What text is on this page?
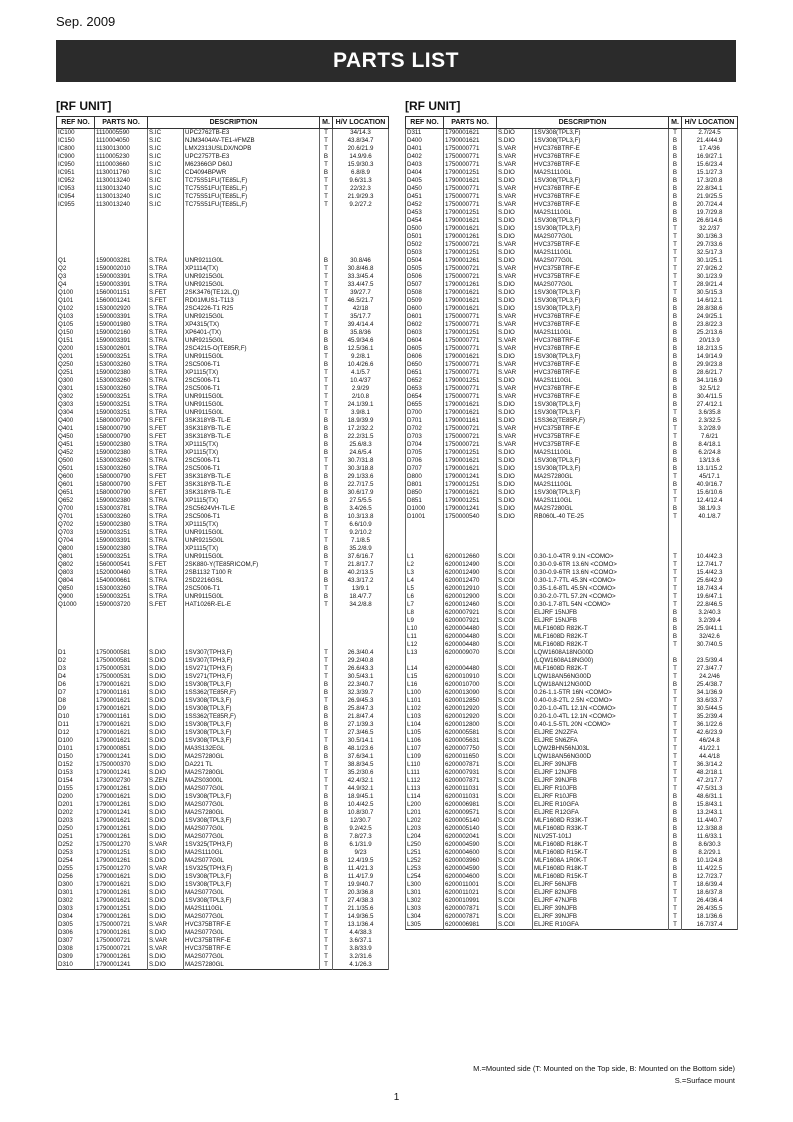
Sep. 2009
PARTS LIST
[RF UNIT]	[RF UNIT]
REF NO.	PARTS NO.	DESCRIPTION		M.	H/V LOCATION
IC100	1110005590	S.IC	UPC2762TB-E3	T	34/14.3
IC150	1110004050	S.IC	NJM3404AV-TE1-#FMZB	T	43.8/34.7
IC800	1130013000	S.IC	LMX2313USLDX/NOPB	T	20.6/21.9
IC900	1110005230	S.IC	UPC2757TB-E3	B	14.9/9.6
IC950	1110003660	S.IC	M62366GP D60J	T	15.9/30.3
IC951	1130011760	S.IC	CD4094BPWR	B	6.8/8.9
IC952	1130013240	S.IC	TC75S51FU(TE85L,F)	T	9.6/31.3
IC953	1130013240	S.IC	TC75S51FU(TE85L,F)	T	22/32.3
IC954	1130013240	S.IC	TC75S51FU(TE85L,F)	T	21.9/29.3
IC955	1130013240	S.IC	TC75S51FU(TE85L,F)	T	9.2/27.2

Q1	1590003281	S.TRA	UNR9211G0L	B	30.8/46
Q2	1590002010	S.TRA	XP1114(TX)	T	30.8/46.8
Q3	1590003391	S.TRA	UNR9215G0L	T	33.3/45.4
Q4	1590003391	S.TRA	UNR9215G0L	T	33.4/47.5
Q100	1560001151	S.FET	2SK3476(TE12L,Q)	T	39/27.7
Q101	1560001241	S.FET	RD01MUS1-T113	T	46.5/21.7
Q102	1530002920	S.TRA	2SC4226-T1 R25	T	42/18
Q103	1590003391	S.TRA	UNR9215G0L	T	35/17.7
Q105	1590001980	S.TRA	XP4315(TX)	T	39.4/14.4
Q150	1590002160	S.TRA	XP6401-(TX)	B	35.8/36
Q151	1590003391	S.TRA	UNR9215G0L	B	45.9/34.6
Q200	1530002601	S.TRA	2SC4215-O(TE85R,F)	B	12.5/36.1
Q201	1590003251	S.TRA	UNR9115G0L	T	9.2/8.1
Q250	1530003260	S.TRA	2SC5006-T1	B	10.4/26.6
Q251	1590002380	S.TRA	XP1115(TX)	T	4.1/5.7
Q300	1530003260	S.TRA	2SC5006-T1	T	10.4/37
Q301	1530003260	S.TRA	2SC5006-T1	T	2.9/29
Q302	1590003251	S.TRA	UNR9115G0L	T	2/10.8
Q303	1590003251	S.TRA	UNR9115G0L	T	24.1/39.1
Q304	1590003251	S.TRA	UNR9115G0L	T	3.9/8.1
Q400	1580000790	S.FET	3SK318YB-TL-E	B	18.9/39.9
Q401	1580000790	S.FET	3SK318YB-TL-E	B	17.2/32.2
Q450	1580000790	S.FET	3SK318YB-TL-E	B	22.2/31.5
Q451	1590002380	S.TRA	XP1115(TX)	B	25.6/8.3
Q452	1590002380	S.TRA	XP1115(TX)	B	24.6/5.4
Q500	1530003260	S.TRA	2SC5006-T1	T	30.7/31.8
Q501	1530003260	S.TRA	2SC5006-T1	T	30.3/18.8
Q600	1580000790	S.FET	3SK318YB-TL-E	B	29.1/33.6
Q601	1580000790	S.FET	3SK318YB-TL-E	B	22.7/17.5
Q651	1580000790	S.FET	3SK318YB-TL-E	B	30.6/17.9
Q652	1590002380	S.TRA	XP1115(TX)	B	27.5/5.5
Q700	1530003781	S.TRA	2SC5624VH-TL-E	B	3.4/26.5
Q701	1530003260	S.TRA	2SC5006-T1	B	10.3/13.8
Q702	1590002380	S.TRA	XP1115(TX)	T	6.6/10.9
Q703	1590003251	S.TRA	UNR9115G0L	T	9.2/10.2
Q704	1590003391	S.TRA	UNR9215G0L	T	7.1/8.5
Q800	1590002380	S.TRA	XP1115(TX)	B	35.2/8.9
Q801	1590003251	S.TRA	UNR9115G0L	B	37.6/16.7
Q802	1560000541	S.FET	2SK880-Y(TE85RICOM,F)	T	21.8/17.7
Q803	1520000460	S.TRA	2SB1132 T100 R	B	40.2/13.5
Q804	1540000661	S.TRA	2SD2216GSL	B	43.3/17.2
Q850	1530003260	S.TRA	2SC5006-T1	T	13/9.1
Q900	1590003251	S.TRA	UNR9115G0L	B	18.4/7.7
Q1000	1590003720	S.FET	HAT1026R-EL-E	T	34.2/8.8

D1	1750000581	S.DIO	1SV307(TPH3,F)	T	26.3/40.4
D2	1750000581	S.DIO	1SV307(TPH3,F)	T	29.2/40.8
D3	1750000531	S.DIO	1SV271(TPH3,F)	T	26.6/43.3
D4	1750000531	S.DIO	1SV271(TPH3,F)	T	30.5/43.1
D6	1790001621	S.DIO	1SV308(TPL3,F)	B	22.3/40.7
D7	1790001161	S.DIO	1SS362(TE85R,F)	B	32.3/39.7
D8	1790001621	S.DIO	1SV308(TPL3,F)	T	26.9/45.3
D9	1790001621	S.DIO	1SV308(TPL3,F)	B	25.8/47.3
D10	1790001161	S.DIO	1SS362(TE85R,F)	B	21.8/47.4
D11	1790001621	S.DIO	1SV308(TPL3,F)	B	27.1/39.3
D12	1790001621	S.DIO	1SV308(TPL3,F)	T	27.3/46.5
D100	1790001621	S.DIO	1SV308(TPL3,F)	T	30.5/14.1
D101	1790000851	S.DIO	MA3S132EGL	B	48.1/23.6
D150	1790001241	S.DIO	MA2S7280GL	B	37.6/34.1
D152	1750000370	S.DIO	DA221 TL	T	38.8/34.5
D153	1790001241	S.DIO	MA2S7280GL	T	35.2/30.6
D154	1730002730	S.ZEN	MAZS03000L	T	42.4/32.1
D155	1790001261	S.DIO	MA2S077G0L	T	44.9/32.1
D200	1790001621	S.DIO	1SV308(TPL3,F)	B	18.9/45.1
D201	1790001261	S.DIO	MA2S077G0L	B	10.4/42.5
D202	1790001241	S.DIO	MA2S7280GL	B	10.8/30.7
D203	1790001621	S.DIO	1SV308(TPL3,F)	B	12/30.7
D250	1790001261	S.DIO	MA2S077G0L	B	9.2/42.5
D251	1790001261	S.DIO	MA2S077G0L	B	7.8/27.3
D252	1750001270	S.VAR	1SV325(TPH3,F)	B	6.1/31.9
D253	1790001251	S.DIO	MA2S1110GL	B	9/23
D254	1790001261	S.DIO	MA2S077G0L	B	12.4/19.5
D255	1750001270	S.VAR	1SV325(TPH3,F)	B	11.4/21.3
D256	1790001621	S.DIO	1SV308(TPL3,F)	B	11.4/17.9
D300	1790001621	S.DIO	1SV308(TPL3,F)	T	19.9/40.7
D301	1790001261	S.DIO	MA2S077G0L	T	20.3/36.8
D302	1790001621	S.DIO	1SV308(TPL3,F)	T	27.4/38.3
D303	1790001251	S.DIO	MA2S1110GL	T	21.1/35.6
D304	1790001261	S.DIO	MA2S077G0L	T	14.9/36.5
D305	1750000721	S.VAR	HVC375BTRF-E	T	13.1/36.4
D306	1790001261	S.DIO	MA2S077G0L	T	4.4/38.3
D307	1750000721	S.VAR	HVC375BTRF-E	T	3.6/37.1
D308	1750000721	S.VAR	HVC375BTRF-E	T	3.8/33.9
D309	1790001261	S.DIO	MA2S077G0L	T	3.2/31.6
D310	1790001241	S.DIO	MA2S7280GL	T	4.1/26.3
REF NO.	PARTS NO.	DESCRIPTION		M.	H/V LOCATION
D311	1790001621	S.DIO	1SV308(TPL3,F)	T	2.7/24.5
D400	1790001621	S.DIO	1SV308(TPL3,F)	B	21.4/44.9
D401	1750000771	S.VAR	HVC376BTRF-E	B	17.4/36
D402	1750000771	S.VAR	HVC376BTRF-E	B	16.9/27.1
D403	1750000771	S.VAR	HVC376BTRF-E	B	15.6/23.4
D404	1790001251	S.DIO	MA2S1110GL	B	15.1/27.3
D405	1790001621	S.DIO	1SV308(TPL3,F)	B	17.3/20.8
D450	1750000771	S.VAR	HVC376BTRF-E	B	22.8/34.1
D451	1750000771	S.VAR	HVC376BTRF-E	B	21.9/25.5
D452	1750000771	S.VAR	HVC376BTRF-E	B	20.7/24.4
D453	1790001251	S.DIO	MA2S1110GL	B	19.7/29.8
D454	1790001621	S.DIO	1SV308(TPL3,F)	B	26.6/14.6
D500	1790001621	S.DIO	1SV308(TPL3,F)	T	32.2/37
D501	1790001261	S.DIO	MA2S077G0L	T	30.1/36.3
D502	1750000721	S.VAR	HVC375BTRF-E	T	29.7/33.6
D503	1790001251	S.DIO	MA2S1110GL	T	32.5/17.3
D504	1790001261	S.DIO	MA2S077G0L	T	30.1/25.1
D505	1750000721	S.VAR	HVC375BTRF-E	T	27.9/26.2
D506	1750000721	S.VAR	HVC375BTRF-E	T	30.1/23.9
D507	1790001261	S.DIO	MA2S077G0L	T	28.9/21.4
D508	1790001621	S.DIO	1SV308(TPL3,F)	T	30.5/15.3
D509	1790001621	S.DIO	1SV308(TPL3,F)	B	14.6/12.1
D600	1790001621	S.DIO	1SV308(TPL3,F)	B	28.8/38.6
D601	1750000771	S.VAR	HVC376BTRF-E	B	24.9/25.1
D602	1750000771	S.VAR	HVC376BTRF-E	B	23.8/22.3
D603	1790001251	S.DIO	MA2S1110GL	B	25.2/13.6
D604	1750000771	S.VAR	HVC376BTRF-E	B	20/13.9
D605	1750000771	S.VAR	HVC376BTRF-E	B	18.2/13.5
D606	1790001621	S.DIO	1SV308(TPL3,F)	B	14.9/14.9
D650	1750000771	S.VAR	HVC376BTRF-E	B	29.9/23.8
D651	1750000771	S.VAR	HVC376BTRF-E	B	28.6/21.7
D652	1790001251	S.DIO	MA2S1110GL	B	34.1/16.9
D653	1750000771	S.VAR	HVC376BTRF-E	B	32.5/12
D654	1750000771	S.VAR	HVC376BTRF-E	B	30.4/11.5
D655	1790001621	S.DIO	1SV308(TPL3,F)	B	27.4/12.1
D700	1790001621	S.DIO	1SV308(TPL3,F)	T	3.6/35.8
D701	1790001161	S.DIO	1SS362(TE85R,F)	B	2.3/32.5
D702	1750000721	S.VAR	HVC375BTRF-E	T	3.2/28.9
D703	1750000721	S.VAR	HVC375BTRF-E	T	7.6/21
D704	1750000721	S.VAR	HVC375BTRF-E	B	8.4/18.1
D705	1790001251	S.DIO	MA2S1110GL	B	6.2/24.8
D706	1790001621	S.DIO	1SV308(TPL3,F)	B	13/13.6
D707	1790001621	S.DIO	1SV308(TPL3,F)	B	13.1/15.2
D800	1790001241	S.DIO	MA2S7280GL	T	45/17.1
D801	1790001251	S.DIO	MA2S1110GL	B	40.9/16.7
D850	1790001621	S.DIO	1SV308(TPL3,F)	T	15.6/10.6
D851	1790001251	S.DIO	MA2S1110GL	T	12.4/12.4
D1000	1790001241	S.DIO	MA2S7280GL	B	38.1/9.3
D1001	1750000540	S.DIO	RB060L-40 TE-25	T	40.1/8.7

L1	6200012660	S.COI	0.30-1.0-4TR 9.1N <COMO>	T	10.4/42.3
L2	6200012490	S.COI	0.30-0.9-6TR 13.6N <COMO>	T	12.7/41.7
L3	6200012490	S.COI	0.30-0.9-6TR 13.6N <COMO>	T	15.4/42.3
L4	6200012470	S.COI	0.30-1.7-7TL 45.3N <COMO>	T	25.6/42.9
L5	6200012910	S.COI	0.35-1.6-8TL 45.5N <COMO>	T	18.7/43.4
L6	6200012900	S.COI	0.30-2.0-7TL 57.2N <COMO>	T	19.6/47.1
L7	6200012460	S.COI	0.30-1.7-8TL 54N <COMO>	T	22.8/46.5
L8	6200007921	S.COI	ELJRF 15NJFB	B	3.2/40.3
L9	6200007921	S.COI	ELJRF 15NJFB	B	3.2/39.4
L10	6200004480	S.COI	MLF1608D R82K-T	B	25.9/41.1
L11	6200004480	S.COI	MLF1608D R82K-T	B	32/42.6
L12	6200004480	S.COI	MLF1608D R82K-T	T	30.7/40.5
L13	6200009070	S.COI	LQW1608A18NG00D		
			(LQW1608A18NG00)	B	23.5/39.4
L14	6200004480	S.COI	MLF1608D R82K-T	T	27.3/47.7
L15	6200010910	S.COI	LQW18AN56NG00D	T	24.2/46
L16	6200010700	S.COI	LQW18AN12NG00D	B	25.4/38.7
L100	6200013090	S.COI	0.26-1.1-5TR 16N <COMO>	T	34.1/36.9
L101	6200012850	S.COI	0.40-0.8-2TL 2.5N <COMO>	T	33.6/33.7
L102	6200012920	S.COI	0.20-1.0-4TL 12.1N <COMO>	T	30.5/44.5
L103	6200012920	S.COI	0.20-1.0-4TL 12.1N <COMO>	T	35.2/39.4
L104	6200012800	S.COI	0.40-1.5-5TL 20N <COMO>	T	36.1/22.6
L105	6200005581	S.COI	ELJRE 2N2ZFA	T	42.6/23.9
L106	6200005631	S.COI	ELJRE 5N6ZFA	T	46/24.8
L107	6200007750	S.COI	LQW2BHN56NJ03L	T	41/22.1
L109	6200011650	S.COI	LQW18AN56NG00D	T	44.4/18
L110	6200007871	S.COI	ELJRF 39NJFB	T	36.3/14.2
L111	6200007931	S.COI	ELJRF 12NJFB	T	48.2/18.1
L112	6200007871	S.COI	ELJRF 39NJFB	T	47.2/17.7
L113	6200011031	S.COI	ELJRF R10JFB	T	47.5/31.3
L114	6200011031	S.COI	ELJRF R10JFB	B	48.6/31.1
L200	6200006981	S.COI	ELJRE R10GFA	B	15.8/43.1
L201	6200009571	S.COI	ELJRE R12GFA	B	13.2/43.1
L202	6200005140	S.COI	MLF1608D R33K-T	B	11.4/40.7
L203	6200005140	S.COI	MLF1608D R33K-T	B	12.3/38.8
L204	6200002041	S.COI	NLV25T-101J	B	11.6/33.1
L250	6200004590	S.COI	MLF1608D R18K-T	B	8.6/30.3
L251	6200004600	S.COI	MLF1608D R15K-T	B	8.2/29.1
L252	6200003960	S.COI	MLF1608A 1R0K-T	B	10.1/24.8
L253	6200004590	S.COI	MLF1608D R18K-T	B	11.4/22.5
L254	6200004600	S.COI	MLF1608D R15K-T	B	12.7/23.7
L300	6200011001	S.COI	ELJRF 56NJFB	T	18.6/39.4
L301	6200011021	S.COI	ELJRF 82NJFB	T	18.6/37.8
L302	6200010991	S.COI	ELJRF 47NJFB	T	26.4/36.4
L303	6200007871	S.COI	ELJRF 39NJFB	T	26.4/35.5
L304	6200007871	S.COI	ELJRF 39NJFB	T	18.1/36.6
L305	6200006981	S.COI	ELJRE R10GFA	T	16.7/37.4
M.=Mounted side (T: Mounted on the Top side, B: Mounted on the Bottom side)
S.=Surface mount
1
